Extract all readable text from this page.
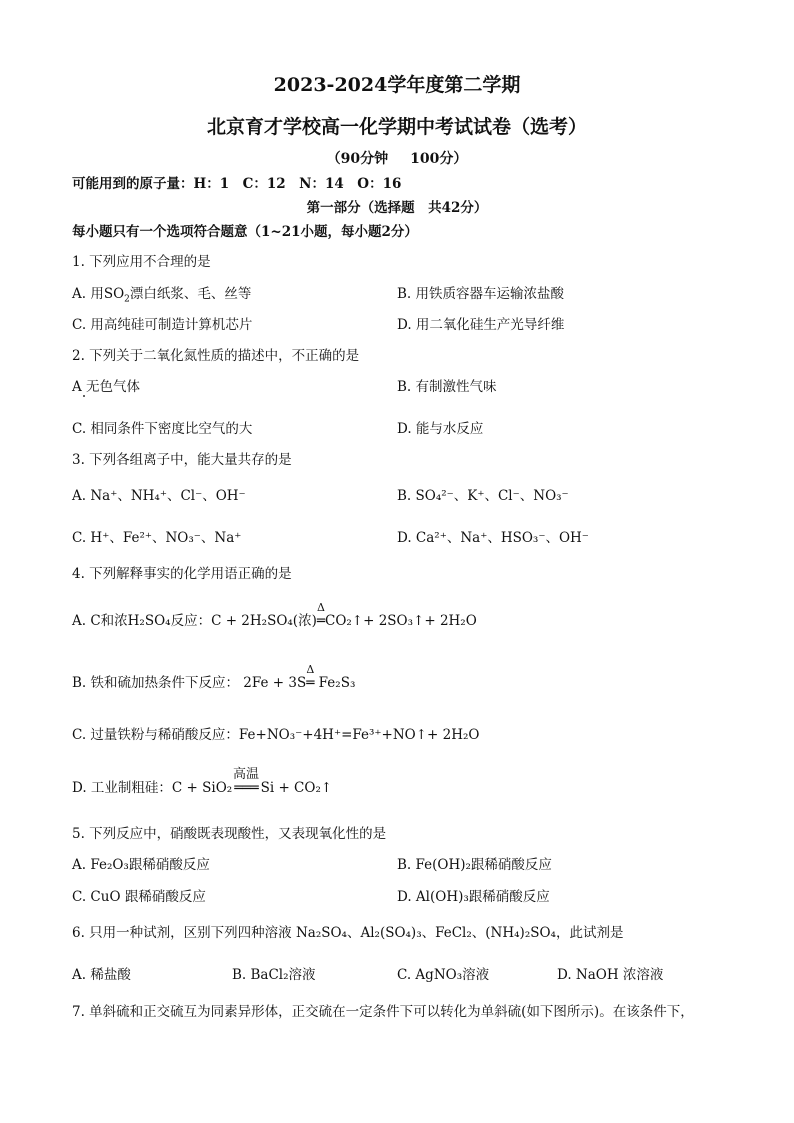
2023-2024学年度第二学期
北京育才学校高一化学期中考试试卷（选考）
（90分钟 100分）
可能用到的原子量：H：1　C：12　N：14　O：16
第一部分（选择题　共42分）
每小题只有一个选项符合题意（1~21小题，每小题2分）
1. 下列应用不合理的是
A. 用$SO_2$漂白纸浆、毛、丝等	B. 用铁质容器车运输浓盐酸
C. 用高纯硅可制造计算机芯片	D. 用二氧化硅生产光导纤维
2. 下列关于二氧化氮性质的描述中，不正确的是
A 无色气体	B. 有制激性气味
C. 相同条件下密度比空气的大	D. 能与水反应
3. 下列各组离子中，能大量共存的是
A. Na⁺、NH₄⁺、Cl⁻、OH⁻	B. SO₄²⁻、K⁺、Cl⁻、NO₃⁻
C. H⁺、Fe²⁺、NO₃⁻、Na⁺	D. Ca²⁺、Na⁺、HSO₃⁻、OH⁻
4. 下列解释事实的化学用语正确的是
A. C和浓H₂SO₄反应：C + 2H₂SO₄(浓)
Δ
═CO₂↑+ 2SO₃↑+ 2H₂O
B. 铁和硫加热条件下反应： 2Fe + 3S
Δ
═ Fe₂S₃
C. 过量铁粉与稀硝酸反应：Fe+NO₃⁻+4H⁺=Fe³⁺+NO↑+ 2H₂O
D. 工业制粗硅：C + SiO₂
高温
═══ Si + CO₂↑
5. 下列反应中，硝酸既表现酸性，又表现氧化性的是
A. Fe₂O₃跟稀硝酸反应	B. Fe(OH)₂跟稀硝酸反应
C. CuO 跟稀硝酸反应	D. Al(OH)₃跟稀硝酸反应
6. 只用一种试剂，区别下列四种溶液 Na₂SO₄、Al₂(SO₄)₃、FeCl₂、(NH₄)₂SO₄，此试剂是
A. 稀盐酸	B. BaCl₂溶液	C. AgNO₃溶液	D. NaOH 浓溶液
7. 单斜硫和正交硫互为同素异形体，正交硫在一定条件下可以转化为单斜硫(如下图所示)。在该条件下，
